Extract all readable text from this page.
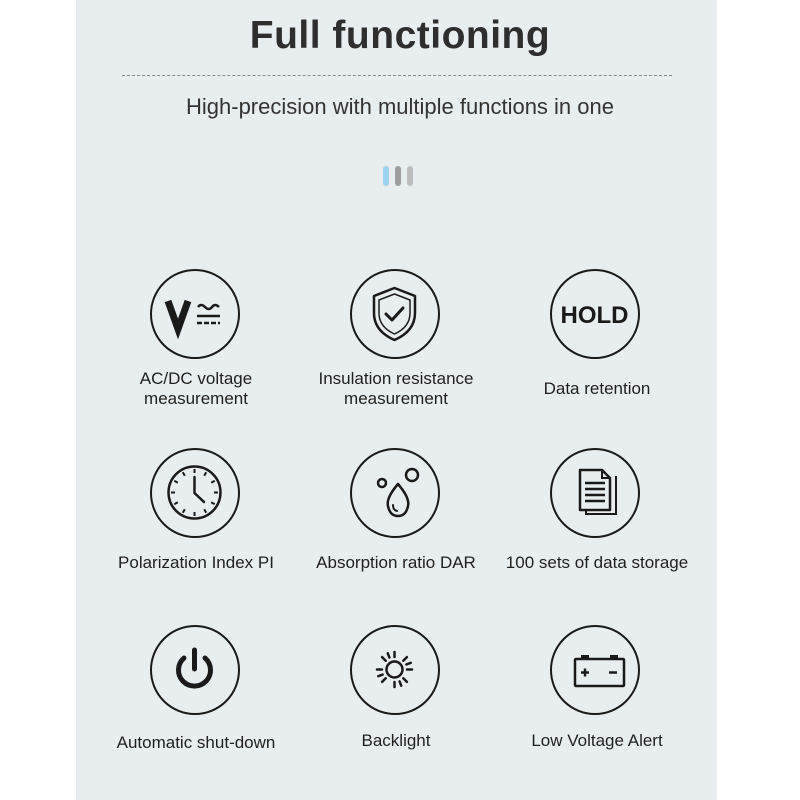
Full functioning
High-precision with multiple functions in one
AC/DC voltage
measurement
Insulation resistance
measurement
HOLD
Data retention
Polarization Index PI	Absorption ratio DAR	100 sets of data storage
Automatic shut-down	Backlight	Low Voltage Alert
